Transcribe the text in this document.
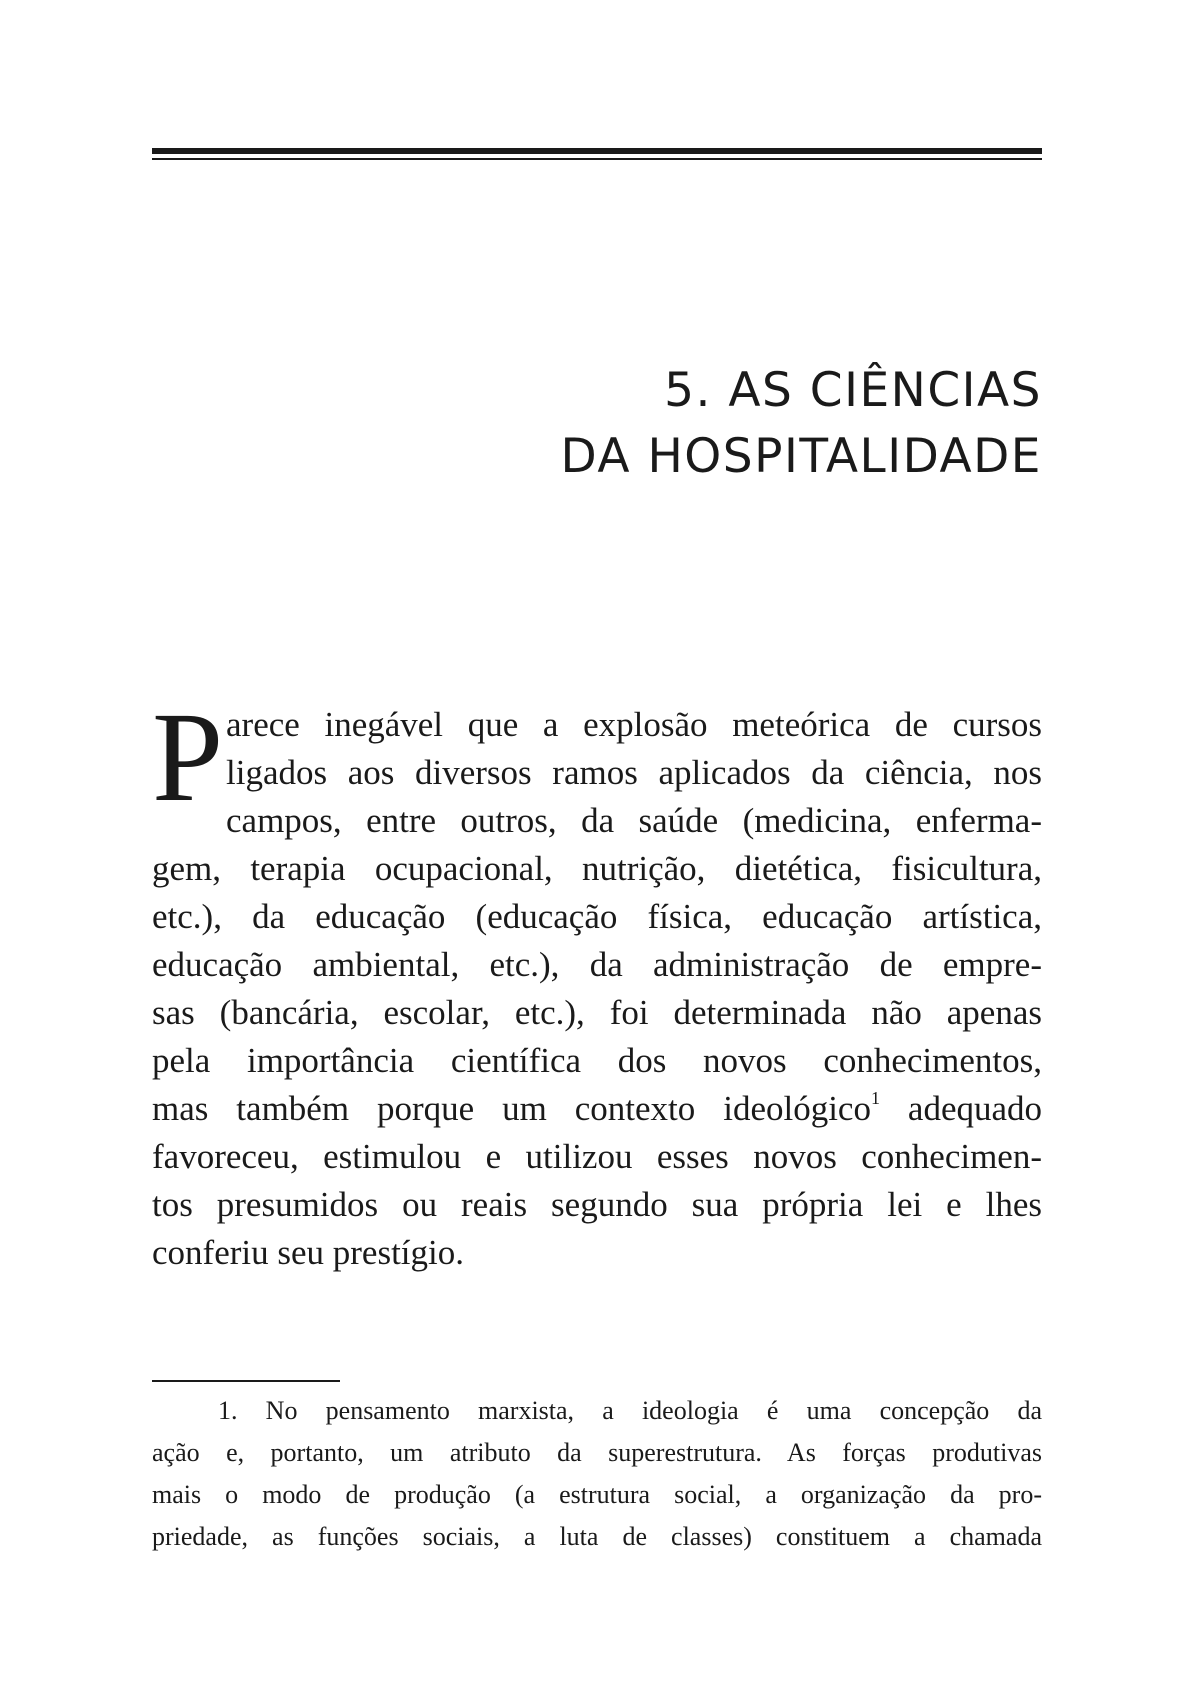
5. AS CIÊNCIAS
DA HOSPITALIDADE
P arece inegável que a explosão meteórica de cursos
ligados aos diversos ramos aplicados da ciência, nos
campos, entre outros, da saúde (medicina, enferma-
gem, terapia ocupacional, nutrição, dietética, fisicultura,
etc.), da educação (educação física, educação artística,
educação ambiental, etc.), da administração de empre-
sas (bancária, escolar, etc.), foi determinada não apenas
pela importância científica dos novos conhecimentos,
mas também porque um contexto ideológico$^1$ adequado
favoreceu, estimulou e utilizou esses novos conhecimen-
tos presumidos ou reais segundo sua própria lei e lhes
conferiu seu prestígio.
1. No pensamento marxista, a ideologia é uma concepção da
ação e, portanto, um atributo da superestrutura. As forças produtivas
mais o modo de produção (a estrutura social, a organização da pro-
priedade, as funções sociais, a luta de classes) constituem a chamada
